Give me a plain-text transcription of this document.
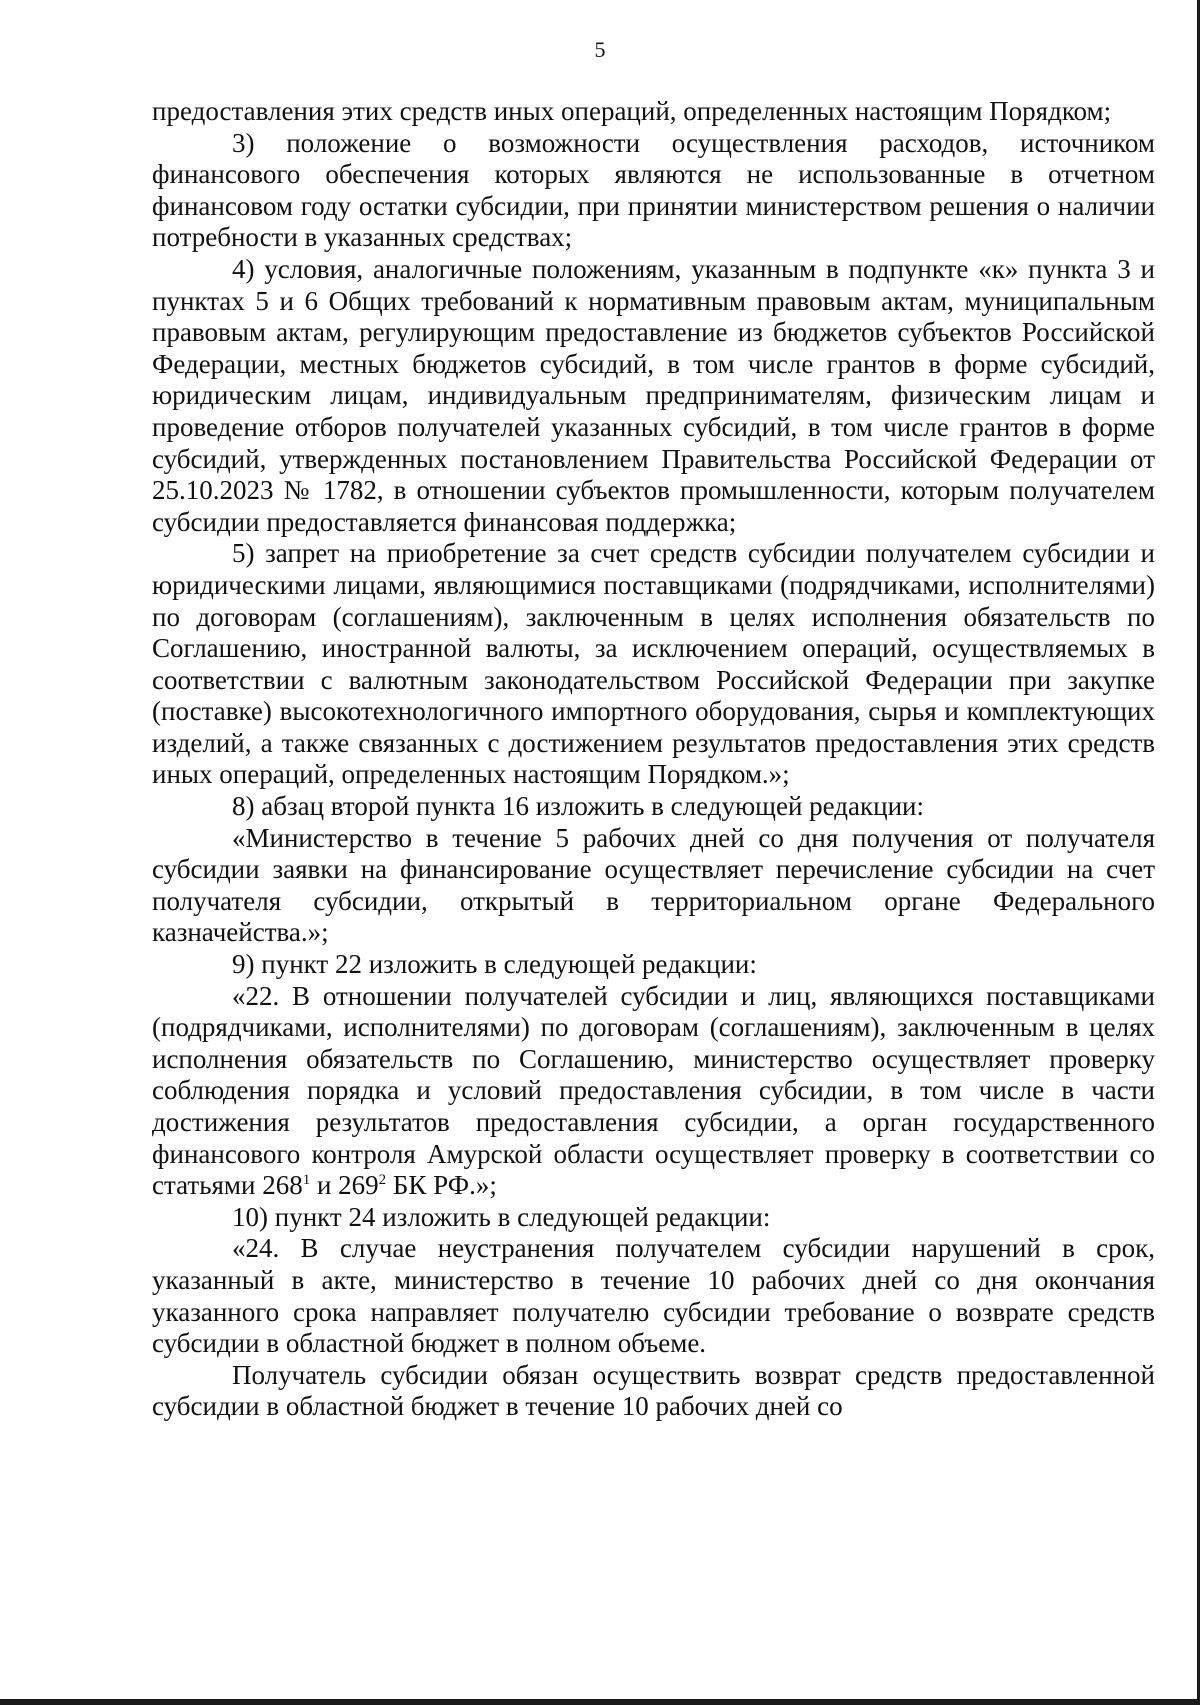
5

предоставления этих средств иных операций, определенных настоящим Порядком;

3) положение о возможности осуществления расходов, источником финансового обеспечения которых являются не использованные в отчетном финансовом году остатки субсидии, при принятии министерством решения о наличии потребности в указанных средствах;

4) условия, аналогичные положениям, указанным в подпункте «к» пункта 3 и пунктах 5 и 6 Общих требований к нормативным правовым актам, муниципальным правовым актам, регулирующим предоставление из бюджетов субъектов Российской Федерации, местных бюджетов субсидий, в том числе грантов в форме субсидий, юридическим лицам, индивидуальным предпринимателям, физическим лицам и проведение отборов получателей указанных субсидий, в том числе грантов в форме субсидий, утвержденных постановлением Правительства Российской Федерации от 25.10.2023 № 1782, в отношении субъектов промышленности, которым получателем субсидии предоставляется финансовая поддержка;

5) запрет на приобретение за счет средств субсидии получателем субсидии и юридическими лицами, являющимися поставщиками (подрядчиками, исполнителями) по договорам (соглашениям), заключенным в целях исполнения обязательств по Соглашению, иностранной валюты, за исключением операций, осуществляемых в соответствии с валютным законодательством Российской Федерации при закупке (поставке) высокотехнологичного импортного оборудования, сырья и комплектующих изделий, а также связанных с достижением результатов предоставления этих средств иных операций, определенных настоящим Порядком.»;

8) абзац второй пункта 16 изложить в следующей редакции:

«Министерство в течение 5 рабочих дней со дня получения от получателя субсидии заявки на финансирование осуществляет перечисление субсидии на счет получателя субсидии, открытый в территориальном органе Федерального казначейства.»;

9) пункт 22 изложить в следующей редакции:

«22. В отношении получателей субсидии и лиц, являющихся поставщиками (подрядчиками, исполнителями) по договорам (соглашениям), заключенным в целях исполнения обязательств по Соглашению, министерство осуществляет проверку соблюдения порядка и условий предоставления субсидии, в том числе в части достижения результатов предоставления субсидии, а орган государственного финансового контроля Амурской области осуществляет проверку в соответствии со статьями $268^1$ и $269^2$ БК РФ.»;

10) пункт 24 изложить в следующей редакции:

«24. В случае неустранения получателем субсидии нарушений в срок, указанный в акте, министерство в течение 10 рабочих дней со дня окончания указанного срока направляет получателю субсидии требование о возврате средств субсидии в областной бюджет в полном объеме.

Получатель субсидии обязан осуществить возврат средств предоставленной субсидии в областной бюджет в течение 10 рабочих дней со
